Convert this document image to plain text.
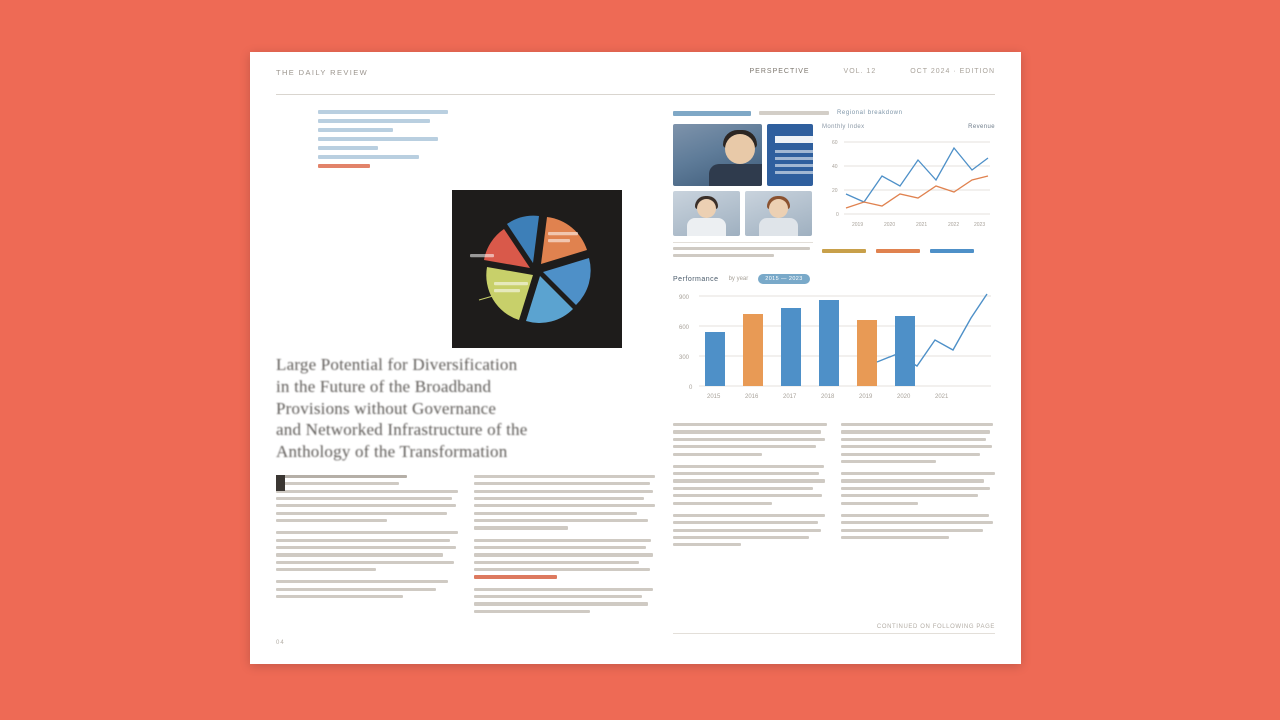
THE DAILY REVIEW	PERSPECTIVE	VOL. 12	OCT 2024 · EDITION
Large Potential for Diversification
in the Future of the Broadband
Provisions without Governance
and Networked Infrastructure of the
Anthology of the Transformation
04
Regional breakdown
Monthly Index	Revenue
60
40
20
0
2019	2020	2021	2022	2023
Performance by year	2015 — 2023
900
600
300
0
2015	2016	2017	2018	2019	2020	2021
CONTINUED ON FOLLOWING PAGE
